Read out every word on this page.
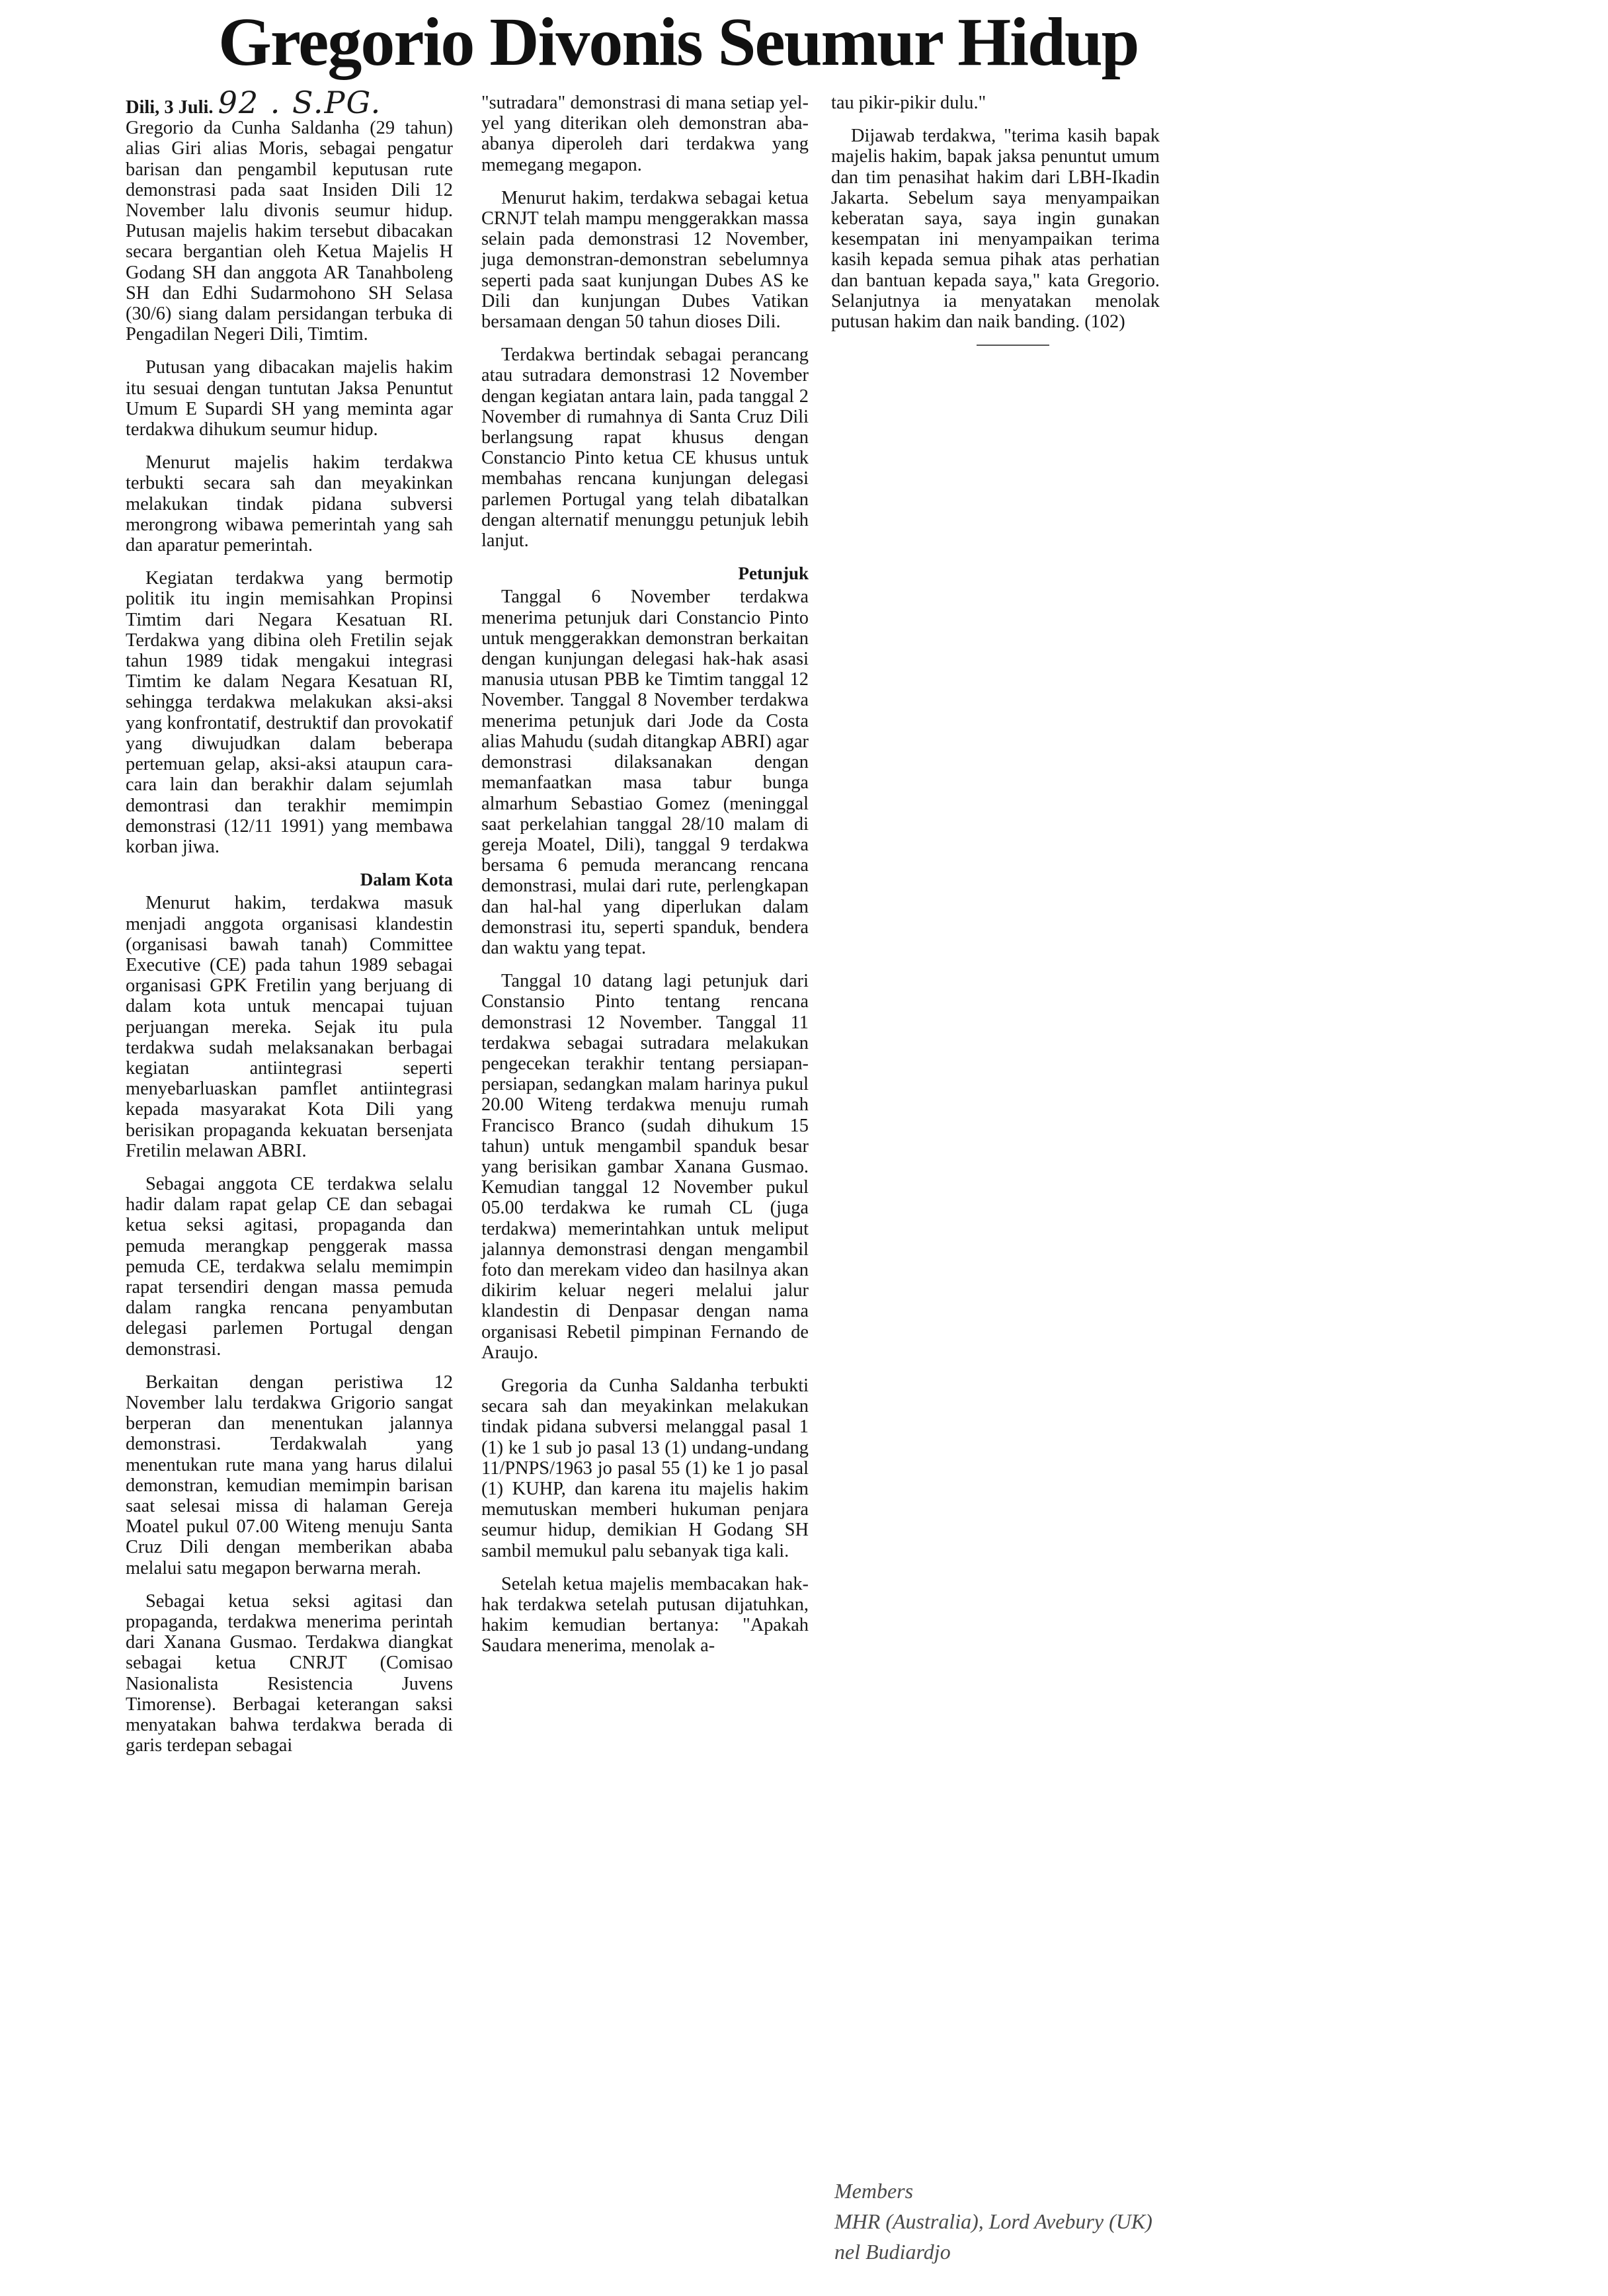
Gregorio Divonis Seumur Hidup

Dili, 3 Juli. 92 . S.PG.
Gregorio da Cunha Saldanha (29 tahun) alias Giri alias Moris, sebagai pengatur barisan dan pengambil keputusan rute demonstrasi pada saat Insiden Dili 12 November lalu divonis seumur hidup. Putusan majelis hakim tersebut dibacakan secara bergantian oleh Ketua Majelis H Godang SH dan anggota AR Tanahboleng SH dan Edhi Sudarmohono SH Selasa (30/6) siang dalam persidangan terbuka di Pengadilan Negeri Dili, Timtim.

Putusan yang dibacakan majelis hakim itu sesuai dengan tuntutan Jaksa Penuntut Umum E Supardi SH yang meminta agar terdakwa dihukum seumur hidup.

Menurut majelis hakim terdakwa terbukti secara sah dan meyakinkan melakukan tindak pidana subversi merongrong wibawa pemerintah yang sah dan aparatur pemerintah.

Kegiatan terdakwa yang bermotip politik itu ingin memisahkan Propinsi Timtim dari Negara Kesatuan RI. Terdakwa yang dibina oleh Fretilin sejak tahun 1989 tidak mengakui integrasi Timtim ke dalam Negara Kesatuan RI, sehingga terdakwa melakukan aksi-aksi yang konfrontatif, destruktif dan provokatif yang diwujudkan dalam beberapa pertemuan gelap, aksi-aksi ataupun cara-cara lain dan berakhir dalam sejumlah demontrasi dan terakhir memimpin demonstrasi (12/11 1991) yang membawa korban jiwa.

Dalam Kota

Menurut hakim, terdakwa masuk menjadi anggota organisasi klandestin (organisasi bawah tanah) Committee Executive (CE) pada tahun 1989 sebagai organisasi GPK Fretilin yang berjuang di dalam kota untuk mencapai tujuan perjuangan mereka. Sejak itu pula terdakwa sudah melaksanakan berbagai kegiatan antiintegrasi seperti menyebarluaskan pamflet antiintegrasi kepada masyarakat Kota Dili yang berisikan propaganda kekuatan bersenjata Fretilin melawan ABRI.

Sebagai anggota CE terdakwa selalu hadir dalam rapat gelap CE dan sebagai ketua seksi agitasi, propaganda dan pemuda merangkap penggerak massa pemuda CE, terdakwa selalu memimpin rapat tersendiri dengan massa pemuda dalam rangka rencana penyambutan delegasi parlemen Portugal dengan demonstrasi.

Berkaitan dengan peristiwa 12 November lalu terdakwa Grigorio sangat berperan dan menentukan jalannya demonstrasi. Terdakwalah yang menentukan rute mana yang harus dilalui demonstran, kemudian memimpin barisan saat selesai missa di halaman Gereja Moatel pukul 07.00 Witeng menuju Santa Cruz Dili dengan memberikan ababa melalui satu megapon berwarna merah.

Sebagai ketua seksi agitasi dan propaganda, terdakwa menerima perintah dari Xanana Gusmao. Terdakwa diangkat sebagai ketua CNRJT (Comisao Nasionalista Resistencia Juvens Timorense). Berbagai keterangan saksi menyatakan bahwa terdakwa berada di garis terdepan sebagai

"sutradara" demonstrasi di mana setiap yel-yel yang diterikan oleh demonstran aba-abanya diperoleh dari terdakwa yang memegang megapon.

Menurut hakim, terdakwa sebagai ketua CRNJT telah mampu menggerakkan massa selain pada demonstrasi 12 November, juga demonstran-demonstran sebelumnya seperti pada saat kunjungan Dubes AS ke Dili dan kunjungan Dubes Vatikan bersamaan dengan 50 tahun dioses Dili.

Terdakwa bertindak sebagai perancang atau sutradara demonstrasi 12 November dengan kegiatan antara lain, pada tanggal 2 November di rumahnya di Santa Cruz Dili berlangsung rapat khusus dengan Constancio Pinto ketua CE khusus untuk membahas rencana kunjungan delegasi parlemen Portugal yang telah dibatalkan dengan alternatif menunggu petunjuk lebih lanjut.

Petunjuk

Tanggal 6 November terdakwa menerima petunjuk dari Constancio Pinto untuk menggerakkan demonstran berkaitan dengan kunjungan delegasi hak-hak asasi manusia utusan PBB ke Timtim tanggal 12 November. Tanggal 8 November terdakwa menerima petunjuk dari Jode da Costa alias Mahudu (sudah ditangkap ABRI) agar demonstrasi dilaksanakan dengan memanfaatkan masa tabur bunga almarhum Sebastiao Gomez (meninggal saat perkelahian tanggal 28/10 malam di gereja Moatel, Dili), tanggal 9 terdakwa bersama 6 pemuda merancang rencana demonstrasi, mulai dari rute, perlengkapan dan hal-hal yang diperlukan dalam demonstrasi itu, seperti spanduk, bendera dan waktu yang tepat.

Tanggal 10 datang lagi petunjuk dari Constansio Pinto tentang rencana demonstrasi 12 November. Tanggal 11 terdakwa sebagai sutradara melakukan pengecekan terakhir tentang persiapan-persiapan, sedangkan malam harinya pukul 20.00 Witeng terdakwa menuju rumah Francisco Branco (sudah dihukum 15 tahun) untuk mengambil spanduk besar yang berisikan gambar Xanana Gusmao. Kemudian tanggal 12 November pukul 05.00 terdakwa ke rumah CL (juga terdakwa) memerintahkan untuk meliput jalannya demonstrasi dengan mengambil foto dan merekam video dan hasilnya akan dikirim keluar negeri melalui jalur klandestin di Denpasar dengan nama organisasi Rebetil pimpinan Fernando de Araujo.

Gregoria da Cunha Saldanha terbukti secara sah dan meyakinkan melakukan tindak pidana subversi melanggal pasal 1 (1) ke 1 sub jo pasal 13 (1) undang-undang 11/PNPS/1963 jo pasal 55 (1) ke 1 jo pasal (1) KUHP, dan karena itu majelis hakim memutuskan memberi hukuman penjara seumur hidup, demikian H Godang SH sambil memukul palu sebanyak tiga kali.

Setelah ketua majelis membacakan hak-hak terdakwa setelah putusan dijatuhkan, hakim kemudian bertanya: "Apakah Saudara menerima, menolak a-

tau pikir-pikir dulu."

Dijawab terdakwa, "terima kasih bapak majelis hakim, bapak jaksa penuntut umum dan tim penasihat hakim dari LBH-Ikadin Jakarta. Sebelum saya menyampaikan keberatan saya, saya ingin gunakan kesempatan ini menyampaikan terima kasih kepada semua pihak atas perhatian dan bantuan kepada saya," kata Gregorio. Selanjutnya ia menyatakan menolak putusan hakim dan naik banding. (102)

Members
MHR (Australia), Lord Avebury (UK)
nel Budiardjo
